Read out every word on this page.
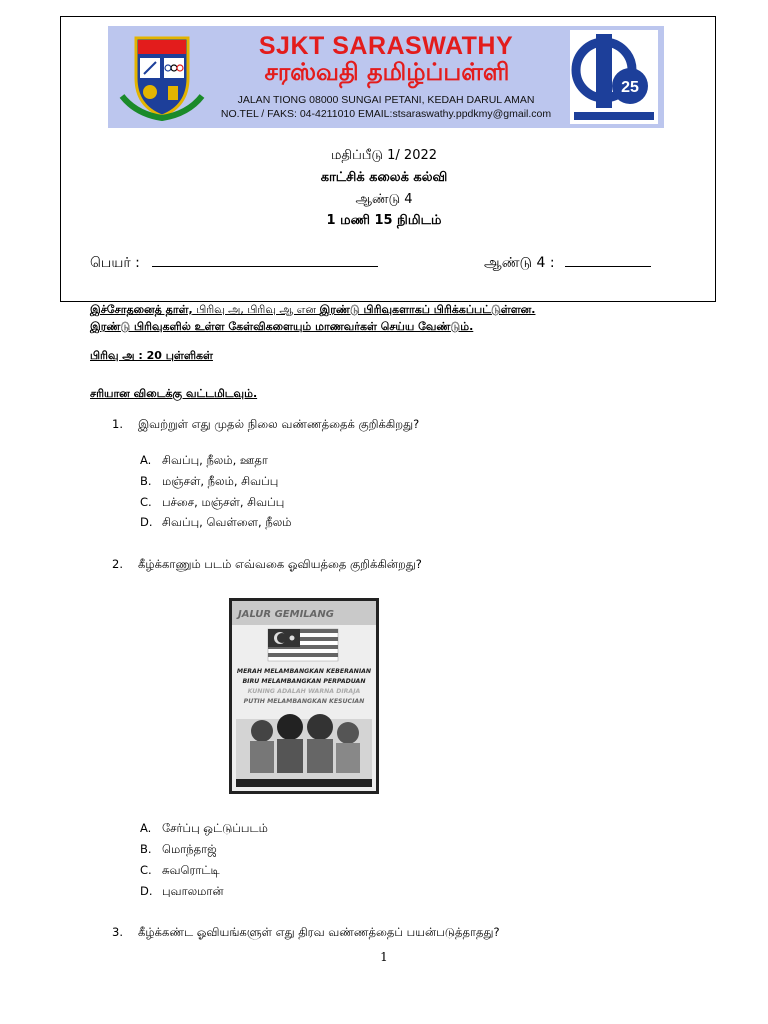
SJKT SARASWATHY
சரஸ்வதி தமிழ்ப்பள்ளி
JALAN TIONG 08000 SUNGAI PETANI, KEDAH DARUL AMAN
NO.TEL / FAKS: 04-4211010 EMAIL:stsaraswathy.ppdkmy@gmail.com
25
மதிப்பீடு 1/ 2022
காட்சிக் கலைக் கல்வி
ஆண்டு 4
1 மணி 15 நிமிடம்
பெயர் :	ஆண்டு 4 :
இச்சோதனைத் தாள், பிரிவு அ, பிரிவு ஆ என இரண்டு பிரிவுகளாகப் பிரிக்கப்பட்டுள்ளன.
இரண்டு பிரிவுகளில் உள்ள கேள்விகளையும் மாணவர்கள் செய்ய வேண்டும்.
பிரிவு அ : 20 புள்ளிகள்
சரியான விடைக்கு வட்டமிடவும்.
1. இவற்றுள் எது முதல் நிலை வண்ணத்தைக் குறிக்கிறது?
A. சிவப்பு, நீலம், ஊதா
B. மஞ்சள், நீலம், சிவப்பு
C. பச்சை, மஞ்சள், சிவப்பு
D. சிவப்பு, வெள்ளை, நீலம்
2. கீழ்க்காணும் படம் எவ்வகை ஓவியத்தை குறிக்கின்றது?
JALUR GEMILANG
MERAH MELAMBANGKAN KEBERANIAN
BIRU MELAMBANGKAN PERPADUAN
KUNING ADALAH WARNA DIRAJA
PUTIH MELAMBANGKAN KESUCIAN
A. சேர்ப்பு ஒட்டுப்படம்
B. மொந்தாஜ்
C. சுவரொட்டி
D. புவாலமான்
3. கீழ்க்கண்ட ஓவியங்களுள் எது திரவ வண்ணத்தைப் பயன்படுத்தாதது?
1
